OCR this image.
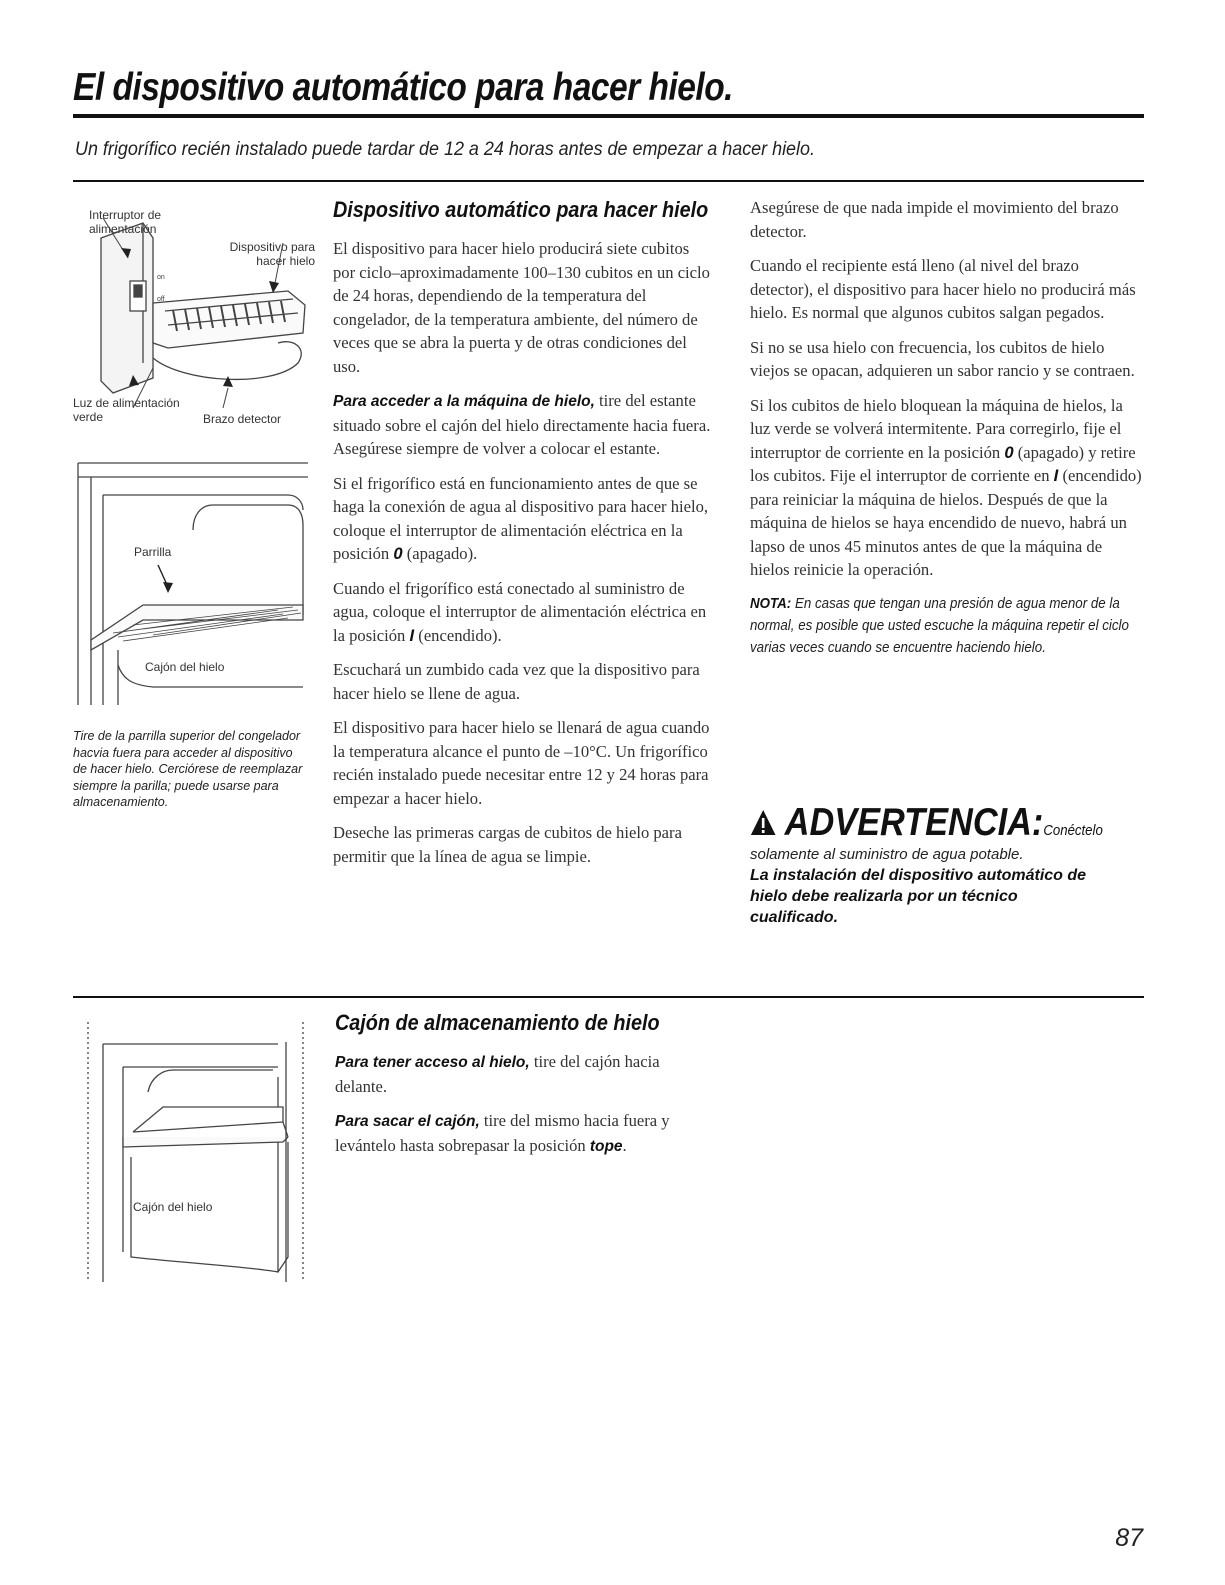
El dispositivo automático para hacer hielo.
Un frigorífico recién instalado puede tardar de 12 a 24 horas antes de empezar a hacer hielo.
on
off
Interruptor de alimentación
Dispositivo para hacer hielo
Luz de alimentación verde	Brazo detector
Parrilla
Cajón del hielo
Tire de la parrilla superior del congelador hacvia fuera para acceder al dispositivo de hacer hielo. Cerciórese de reemplazar siempre la parilla; puede usarse para almacenamiento.
Dispositivo automático para hacer hielo

El dispositivo para hacer hielo producirá siete cubitos por ciclo–aproximadamente 100–130 cubitos en un ciclo de 24 horas, dependiendo de la temperatura del congelador, de la temperatura ambiente, del número de veces que se abra la puerta y de otras condiciones del uso.

Para acceder a la máquina de hielo, tire del estante situado sobre el cajón del hielo directamente hacia fuera. Asegúrese siempre de volver a colocar el estante.

Si el frigorífico está en funcionamiento antes de que se haga la conexión de agua al dispositivo para hacer hielo, coloque el interruptor de alimentación eléctrica en la posición 0 (apagado).

Cuando el frigorífico está conectado al suministro de agua, coloque el interruptor de alimentación eléctrica en la posición I (encendido).

Escuchará un zumbido cada vez que la dispositivo para hacer hielo se llene de agua.

El dispositivo para hacer hielo se llenará de agua cuando la temperatura alcance el punto de –10°C. Un frigorífico recién instalado puede necesitar entre 12 y 24 horas para empezar a hacer hielo.

Deseche las primeras cargas de cubitos de hielo para permitir que la línea de agua se limpie.

Asegúrese de que nada impide el movimiento del brazo detector.

Cuando el recipiente está lleno (al nivel del brazo detector), el dispositivo para hacer hielo no producirá más hielo. Es normal que algunos cubitos salgan pegados.

Si no se usa hielo con frecuencia, los cubitos de hielo viejos se opacan, adquieren un sabor rancio y se contraen.

Si los cubitos de hielo bloquean la máquina de hielos, la luz verde se volverá intermitente. Para corregirlo, fije el interruptor de corriente en la posición 0 (apagado) y retire los cubitos. Fije el interruptor de corriente en I (encendido) para reiniciar la máquina de hielos. Después de que la máquina de hielos se haya encendido de nuevo, habrá un lapso de unos 45 minutos antes de que la máquina de hielos reinicie la operación.

NOTA: En casas que tengan una presión de agua menor de la normal, es posible que usted escuche la máquina repetir el ciclo varias veces cuando se encuentre haciendo hielo.
ADVERTENCIA:Conéctelo
solamente al suministro de agua potable.
La instalación del dispositivo automático de hielo debe realizarla por un técnico cualificado.
Cajón del hielo
Cajón de almacenamiento de hielo

Para tener acceso al hielo, tire del cajón hacia delante.

Para sacar el cajón, tire del mismo hacia fuera y levántelo hasta sobrepasar la posición tope.

87
